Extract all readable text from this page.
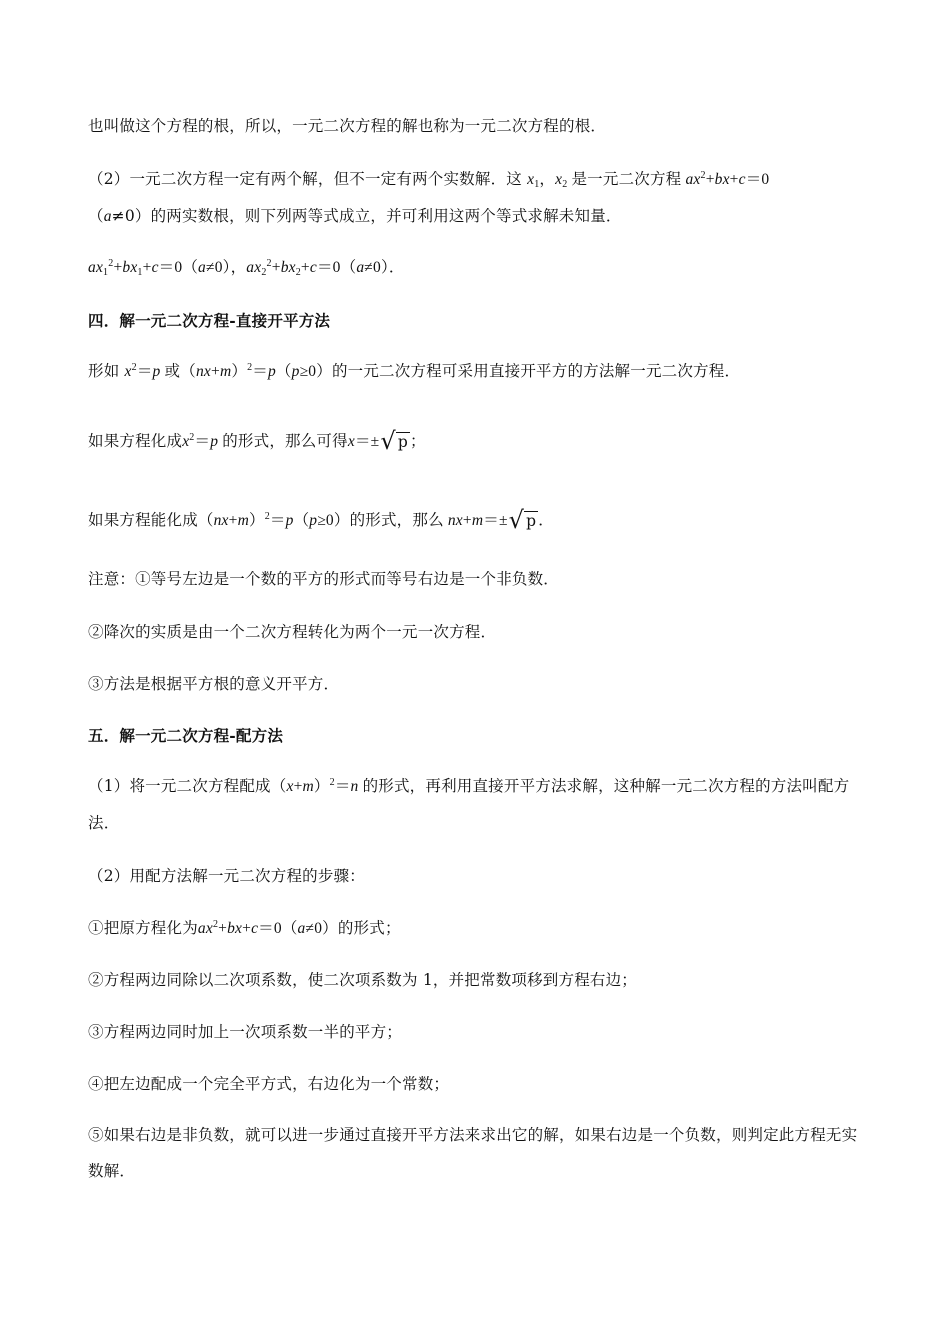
也叫做这个方程的根，所以，一元二次方程的解也称为一元二次方程的根．
（2）一元二次方程一定有两个解，但不一定有两个实数解．这 $x_1$，$x_2$ 是一元二次方程 $ax^2+bx+c=0$
（a≠0）的两实数根，则下列两等式成立，并可利用这两个等式求解未知量．
$ax_1^2+bx_1+c=0(a\ne 0)$，$ax_2^2+bx_2+c=0(a\ne 0)$．
四．解一元二次方程-直接开平方法
形如 $x^2=p$ 或$(nx+m)^2=p(p\ge 0)$的一元二次方程可采用直接开平方的方法解一元二次方程．
如果方程化成$x^2=p$ 的形式，那么可得x＝±√ p ；
如果方程能化成$(nx+m)^2=p(p\ge 0)$的形式，那么 nx+m＝±√ p ．
注意：①等号左边是一个数的平方的形式而等号右边是一个非负数．
②降次的实质是由一个二次方程转化为两个一元一次方程．
③方法是根据平方根的意义开平方．
五．解一元二次方程-配方法
（1）将一元二次方程配成$(x+m)^2=n$ 的形式，再利用直接开平方法求解，这种解一元二次方程的方法叫配方法．
（2）用配方法解一元二次方程的步骤：
①把原方程化为$ax^2+bx+c=0(a\ne 0)$的形式；
②方程两边同除以二次项系数，使二次项系数为 1，并把常数项移到方程右边；
③方程两边同时加上一次项系数一半的平方；
④把左边配成一个完全平方式，右边化为一个常数；
⑤如果右边是非负数，就可以进一步通过直接开平方法来求出它的解，如果右边是一个负数，则判定此方程无实数解．
